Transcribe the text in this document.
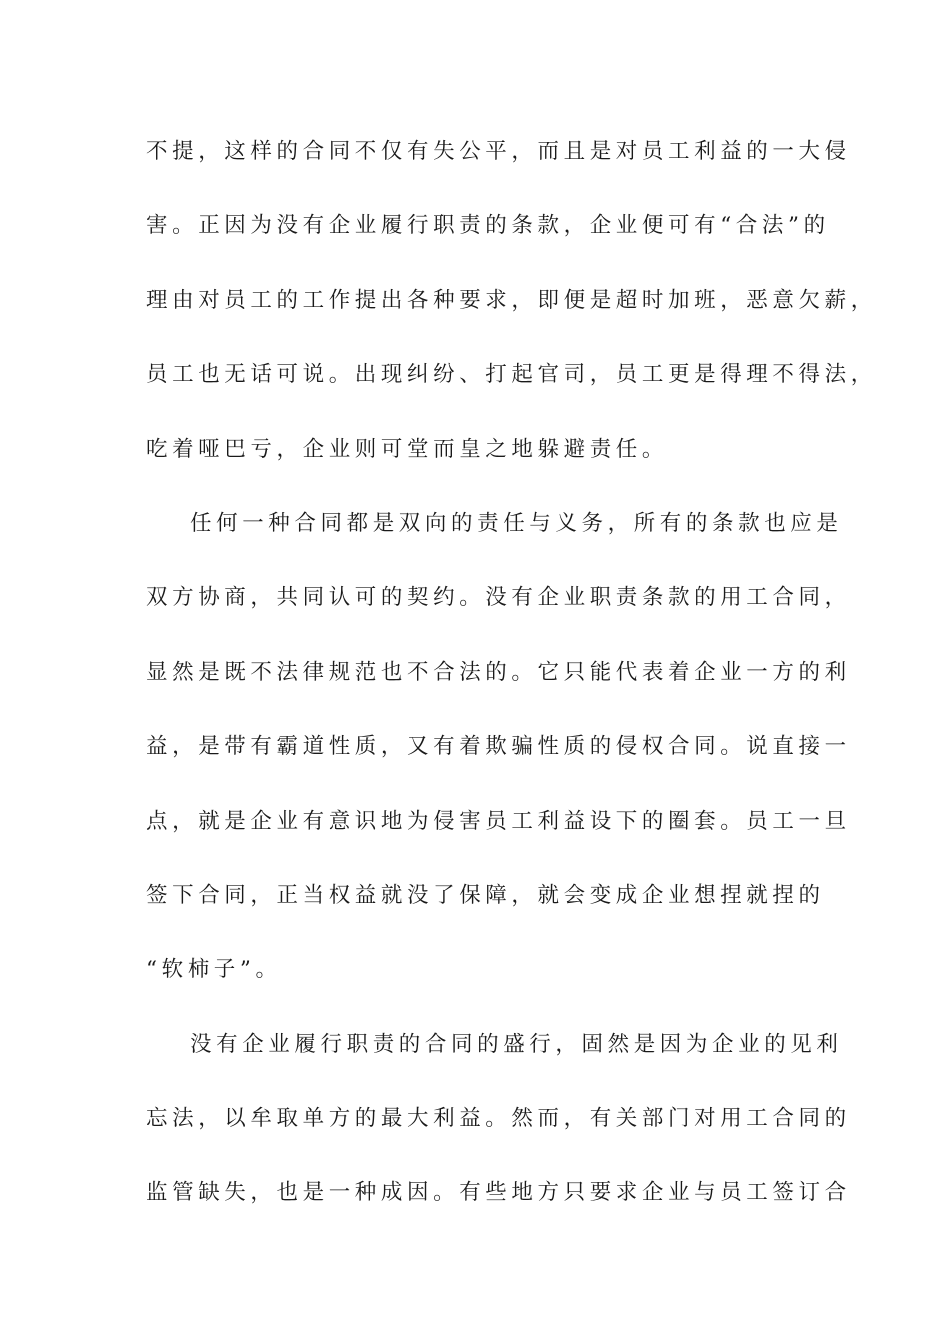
不提，这样的合同不仅有失公平，而且是对员工利益的一大侵
害。正因为没有企业履行职责的条款，企业便可有“合法”的
理由对员工的工作提出各种要求，即便是超时加班，恶意欠薪，
员工也无话可说。出现纠纷、打起官司，员工更是得理不得法，
吃着哑巴亏，企业则可堂而皇之地躲避责任。
任何一种合同都是双向的责任与义务，所有的条款也应是
双方协商，共同认可的契约。没有企业职责条款的用工合同，
显然是既不法律规范也不合法的。它只能代表着企业一方的利
益，是带有霸道性质，又有着欺骗性质的侵权合同。说直接一
点，就是企业有意识地为侵害员工利益设下的圈套。员工一旦
签下合同，正当权益就没了保障，就会变成企业想捏就捏的
“软柿子”。
没有企业履行职责的合同的盛行，固然是因为企业的见利
忘法，以牟取单方的最大利益。然而，有关部门对用工合同的
监管缺失，也是一种成因。有些地方只要求企业与员工签订合
